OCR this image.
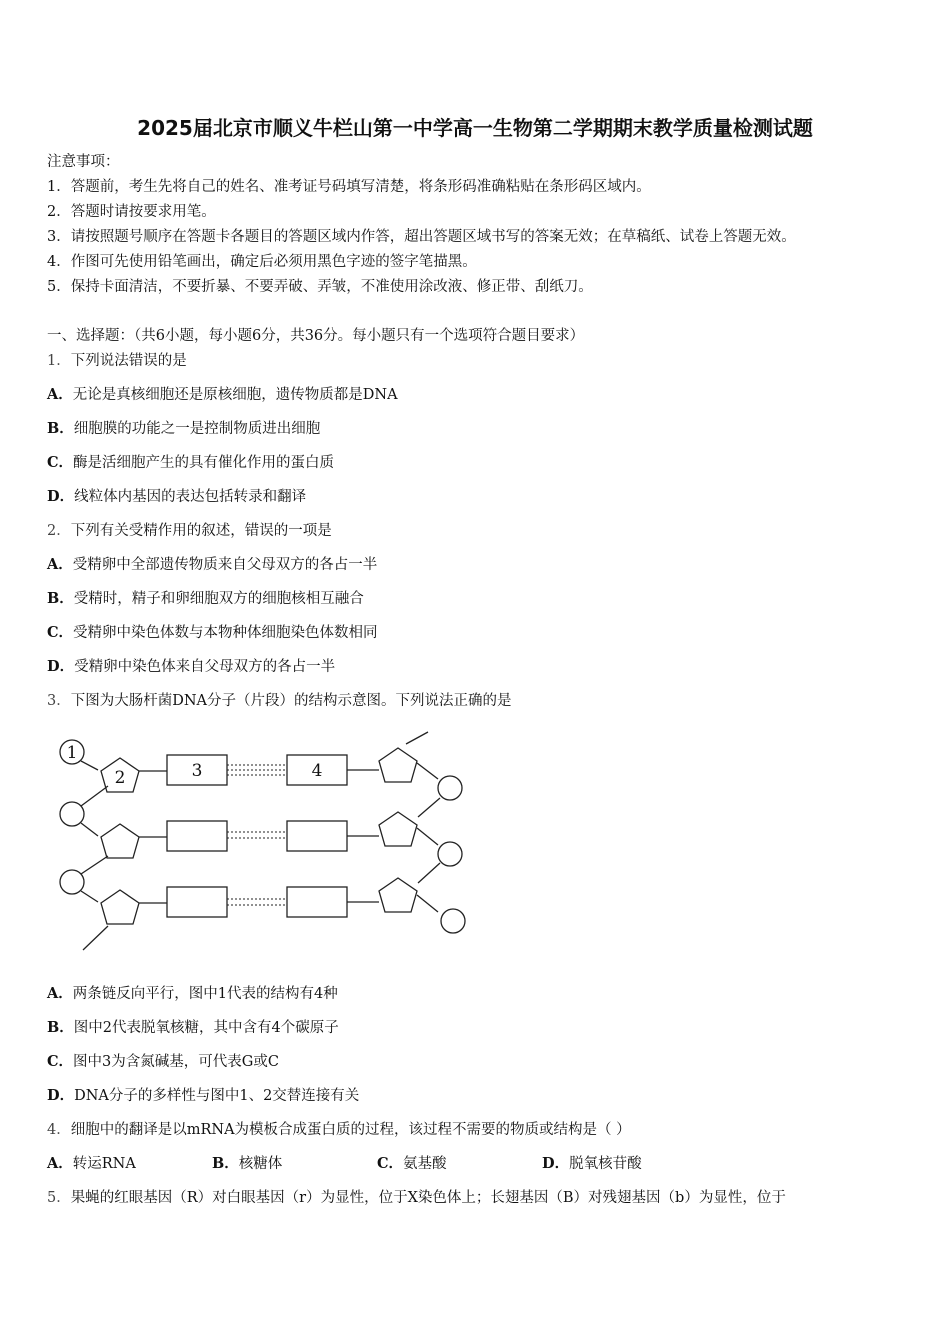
2025届北京市顺义牛栏山第一中学高一生物第二学期期末教学质量检测试题
注意事项：
1．答题前，考生先将自己的姓名、准考证号码填写清楚，将条形码准确粘贴在条形码区域内。
2．答题时请按要求用笔。
3．请按照题号顺序在答题卡各题目的答题区域内作答，超出答题区域书写的答案无效；在草稿纸、试卷上答题无效。
4．作图可先使用铅笔画出，确定后必须用黑色字迹的签字笔描黑。
5．保持卡面清洁，不要折暴、不要弄破、弄皱，不准使用涂改液、修正带、刮纸刀。
一、选择题：（共6小题，每小题6分，共36分。每小题只有一个选项符合题目要求）
1．下列说法错误的是
A．无论是真核细胞还是原核细胞，遗传物质都是DNA
B．细胞膜的功能之一是控制物质进出细胞
C．酶是活细胞产生的具有催化作用的蛋白质
D．线粒体内基因的表达包括转录和翻译
2．下列有关受精作用的叙述，错误的一项是
A．受精卵中全部遗传物质来自父母双方的各占一半
B．受精时，精子和卵细胞双方的细胞核相互融合
C．受精卵中染色体数与本物种体细胞染色体数相同
D．受精卵中染色体来自父母双方的各占一半
3．下图为大肠杆菌DNA分子（片段）的结构示意图。下列说法正确的是
1
2	3	4
A．两条链反向平行，图中1代表的结构有4种
B．图中2代表脱氧核糖，其中含有4个碳原子
C．图中3为含氮碱基，可代表G或C
D．DNA分子的多样性与图中1、2交替连接有关
4．细胞中的翻译是以mRNA为模板合成蛋白质的过程，该过程不需要的物质或结构是（ ）
A．转运RNA	B．核糖体	C．氨基酸	D．脱氧核苷酸
5．果蝇的红眼基因（R）对白眼基因（r）为显性，位于X染色体上；长翅基因（B）对残翅基因（b）为显性，位于
